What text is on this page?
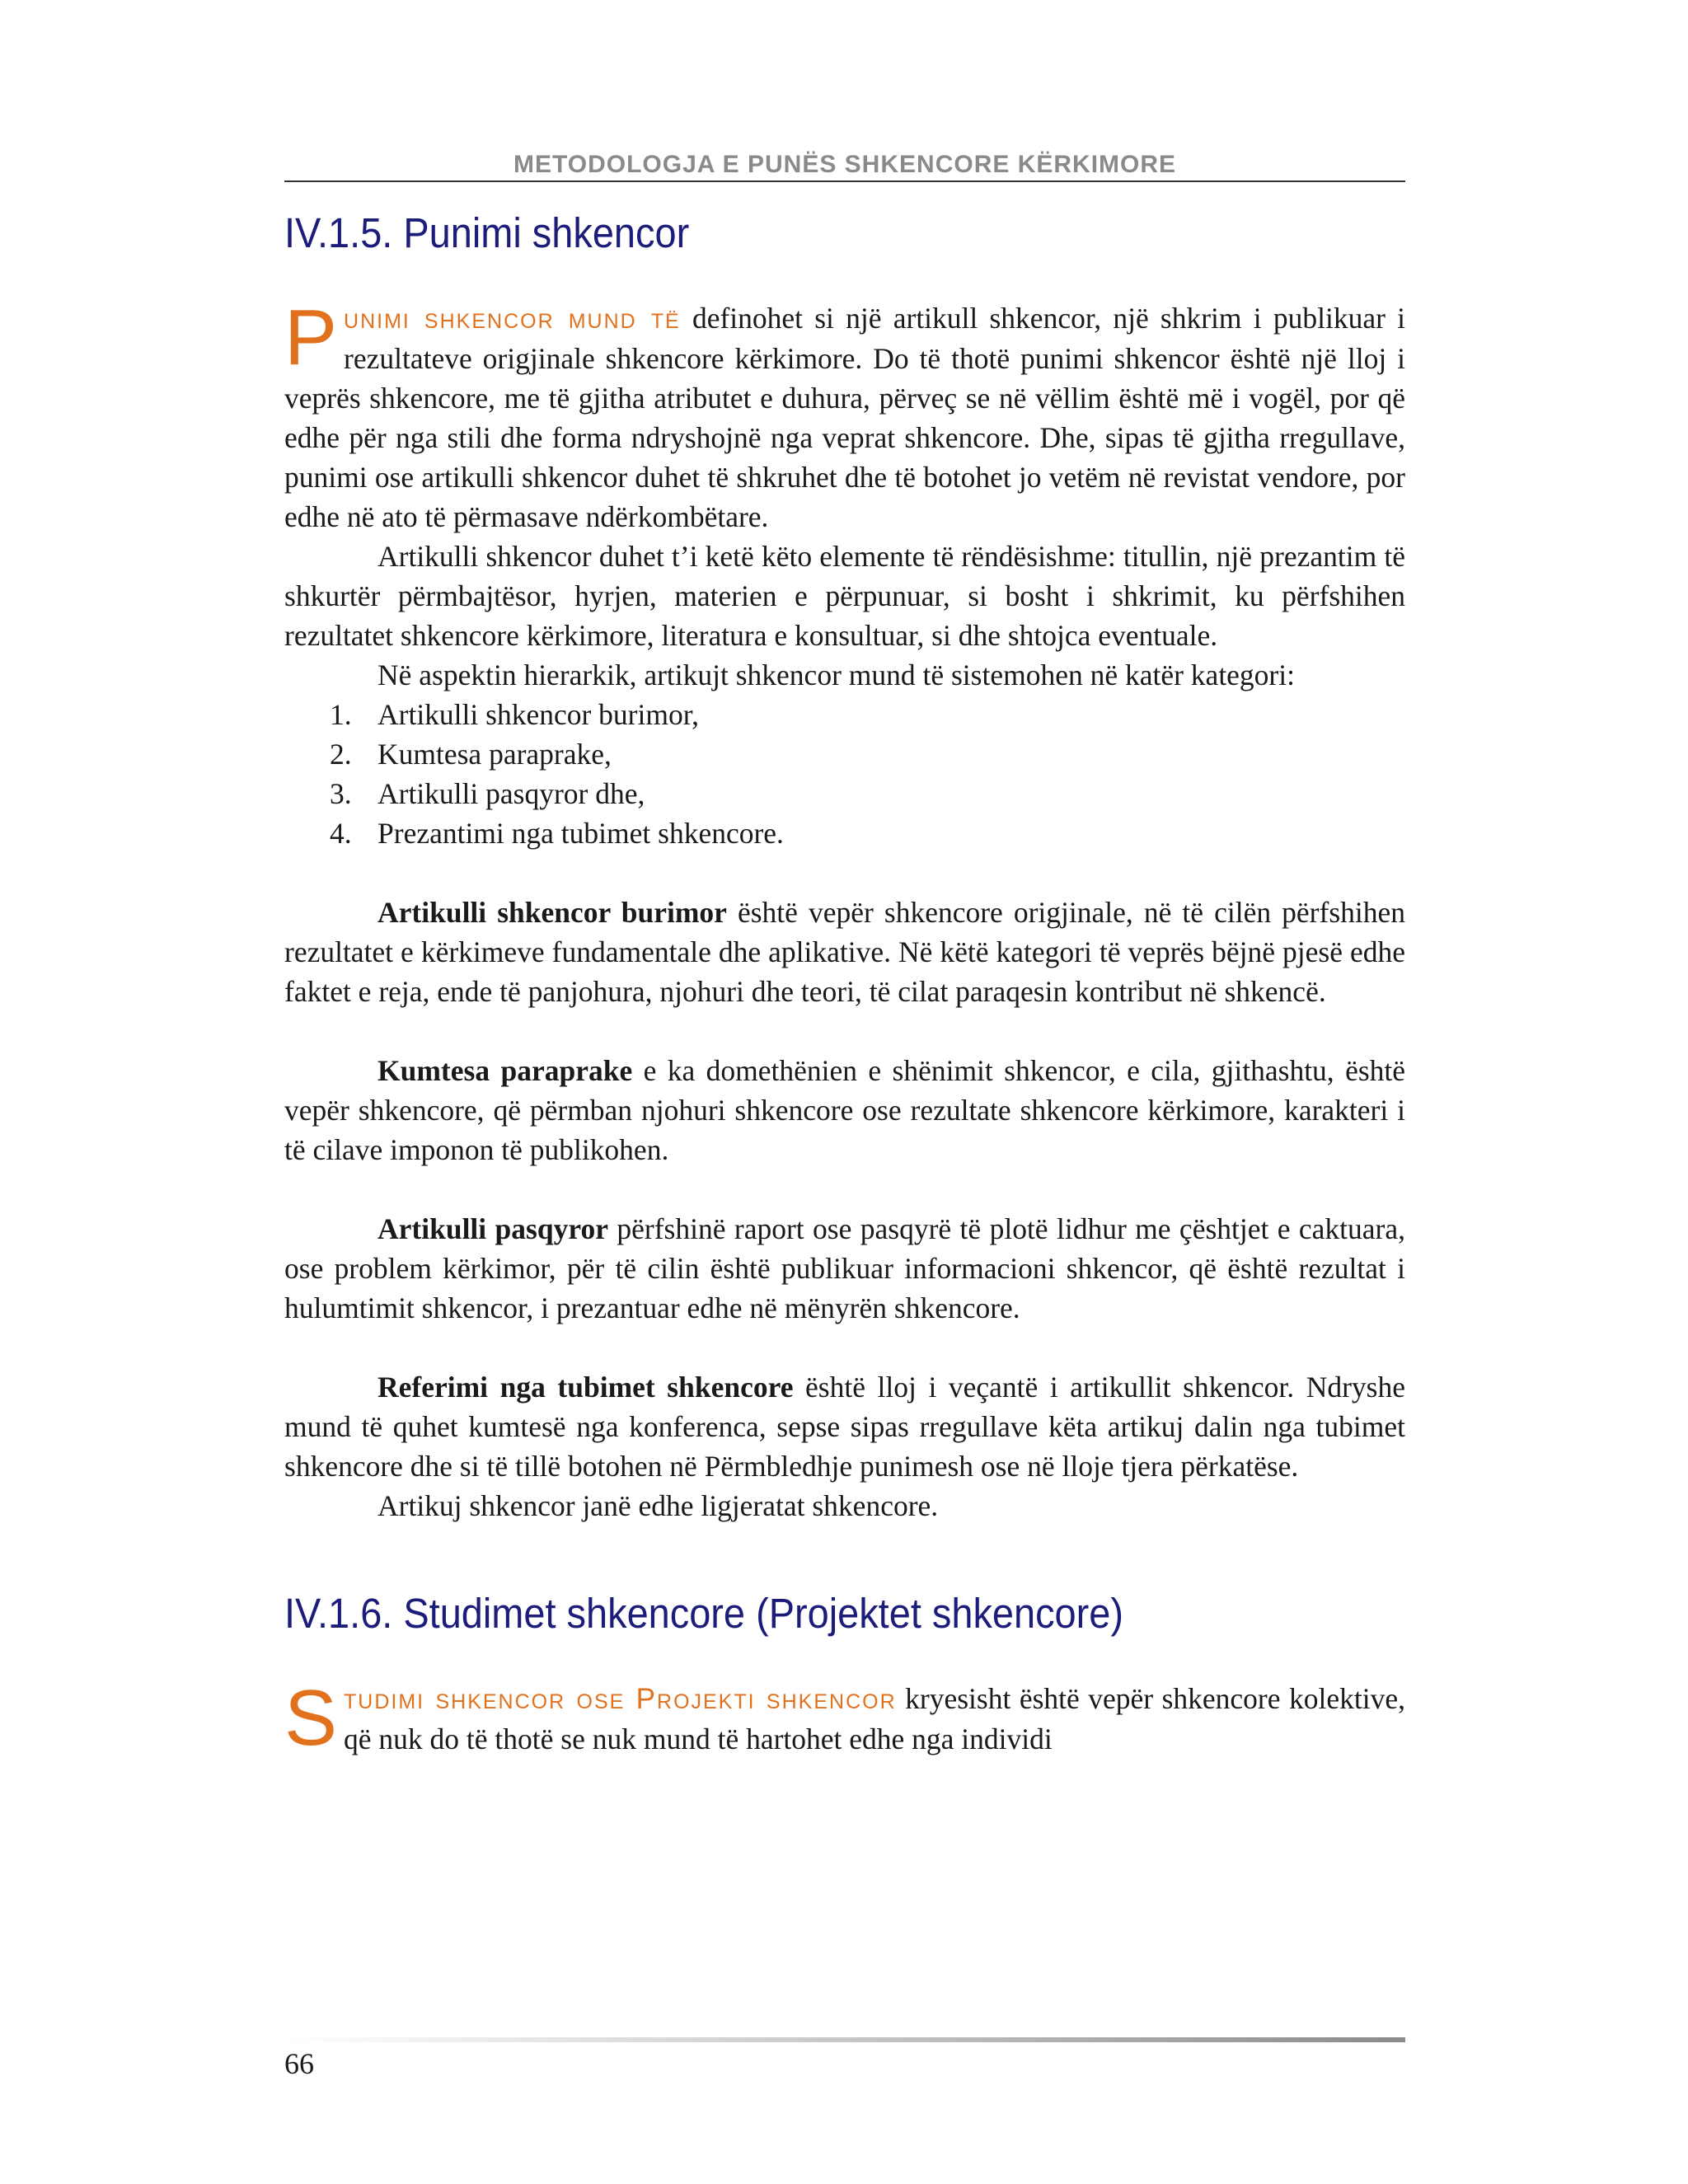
METODOLOGJA E PUNËS SHKENCORE KËRKIMORE
IV.1.5. Punimi shkencor

Punimi shkencor mund të definohet si një artikull shkencor, një shkrim i publikuar i rezultateve origjinale shkencore kërkimore. Do të thotë punimi shkencor është një lloj i veprës shkencore, me të gjitha atributet e duhura, përveç se në vëllim është më i vogël, por që edhe për nga stili dhe forma ndryshojnë nga veprat shkencore. Dhe, sipas të gjitha rregullave, punimi ose artikulli shkencor duhet të shkruhet dhe të botohet jo vetëm në revistat vendore, por edhe në ato të përmasave ndërkombëtare.

Artikulli shkencor duhet t’i ketë këto elemente të rëndësishme: titullin, një prezantim të shkurtër përmbajtësor, hyrjen, materien e përpunuar, si bosht i shkrimit, ku përfshihen rezultatet shkencore kërkimore, literatura e konsultuar, si dhe shtojca eventuale.

Në aspektin hierarkik, artikujt shkencor mund të sistemohen në katër kategori:

1. Artikulli shkencor burimor,
2. Kumtesa paraprake,
3. Artikulli pasqyror dhe,
4. Prezantimi nga tubimet shkencore.

Artikulli shkencor burimor është vepër shkencore origjinale, në të cilën përfshihen rezultatet e kërkimeve fundamentale dhe aplikative. Në këtë kategori të veprës bëjnë pjesë edhe faktet e reja, ende të panjohura, njohuri dhe teori, të cilat paraqesin kontribut në shkencë.

Kumtesa paraprake e ka domethënien e shënimit shkencor, e cila, gjithashtu, është vepër shkencore, që përmban njohuri shkencore ose rezultate shkencore kërkimore, karakteri i të cilave imponon të publikohen.

Artikulli pasqyror përfshinë raport ose pasqyrë të plotë lidhur me çështjet e caktuara, ose problem kërkimor, për të cilin është publikuar informacioni shkencor, që është rezultat i hulumtimit shkencor, i prezantuar edhe në mënyrën shkencore.

Referimi nga tubimet shkencore është lloj i veçantë i artikullit shkencor. Ndryshe mund të quhet kumtesë nga konferenca, sepse sipas rregullave këta artikuj dalin nga tubimet shkencore dhe si të tillë botohen në Përmbledhje punimesh ose në lloje tjera përkatëse.

Artikuj shkencor janë edhe ligjeratat shkencore.

IV.1.6. Studimet shkencore (Projektet shkencore)

Studimi shkencor ose Projekti shkencor kryesisht është vepër shkencore kolektive, që nuk do të thotë se nuk mund të hartohet edhe nga individi

66
